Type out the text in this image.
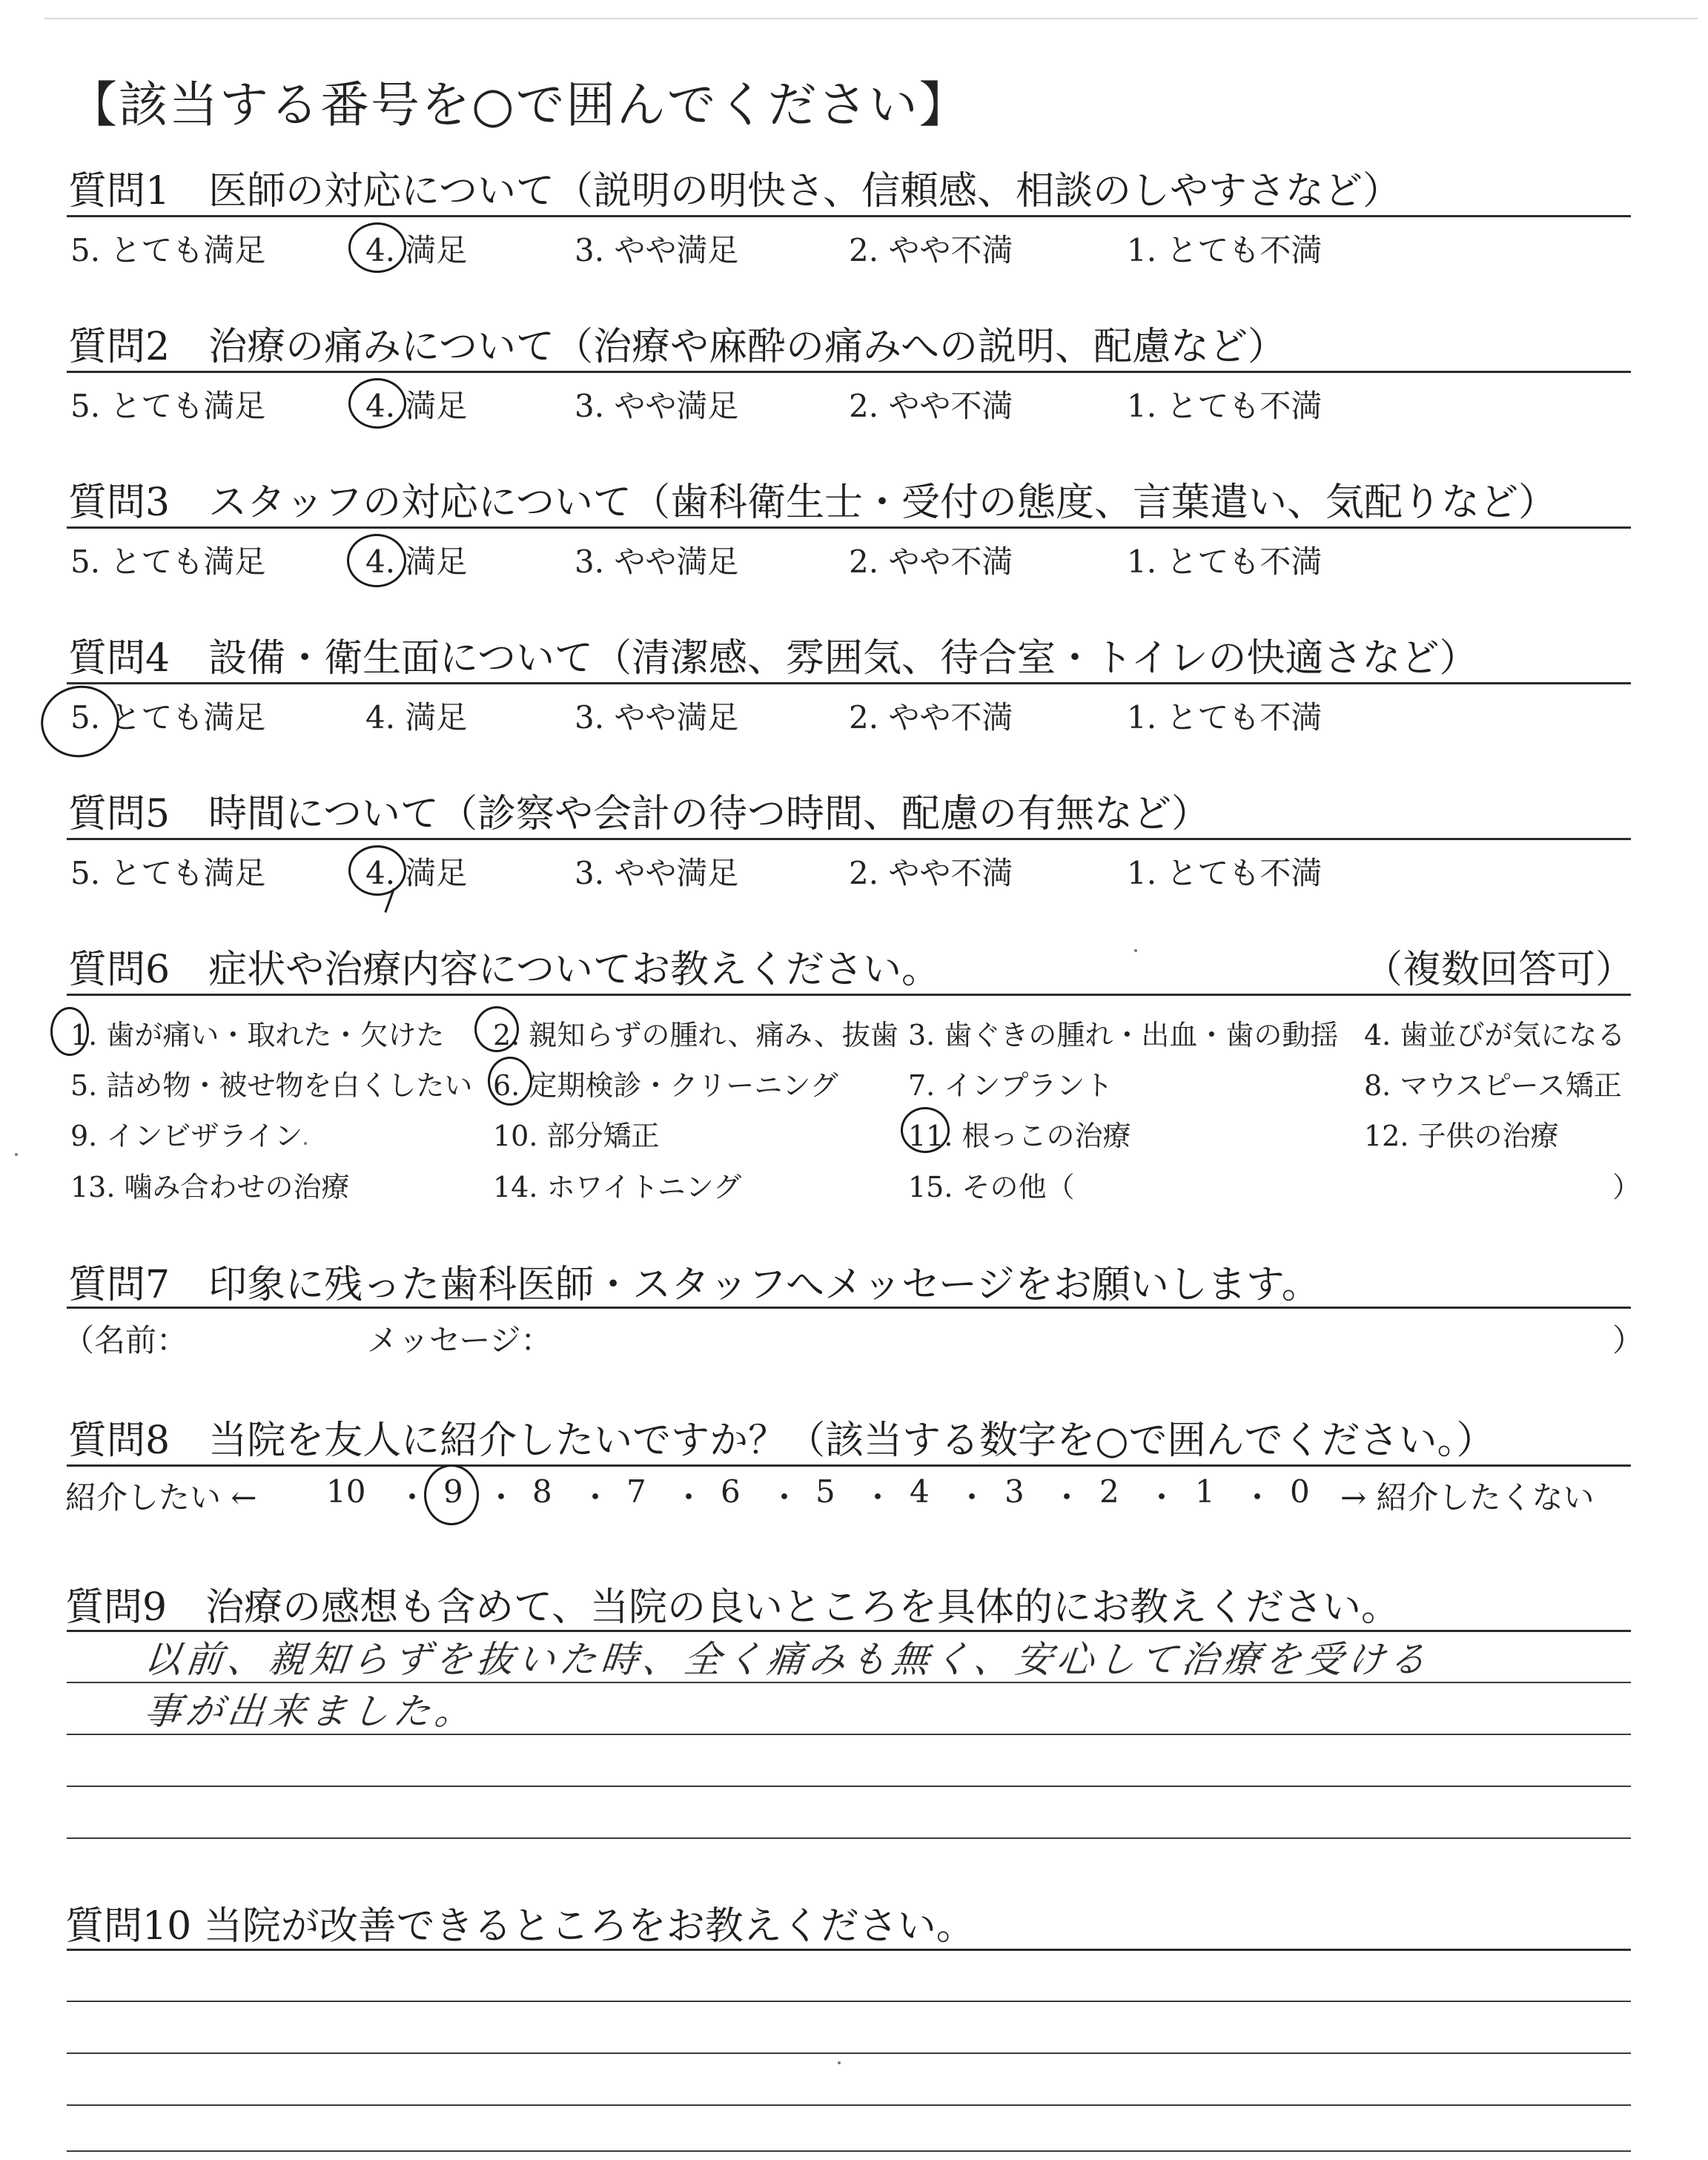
【該当する番号を○で囲んでください】
質問1　医師の対応について（説明の明快さ、信頼感、相談のしやすさなど）
5. とても満足	4. 満足	3. やや満足	2. やや不満	1. とても不満
質問2　治療の痛みについて（治療や麻酔の痛みへの説明、配慮など）
5. とても満足	4. 満足	3. やや満足	2. やや不満	1. とても不満
質問3　スタッフの対応について（歯科衛生士・受付の態度、言葉遣い、気配りなど）
5. とても満足	4. 満足	3. やや満足	2. やや不満	1. とても不満
質問4　設備・衛生面について（清潔感、雰囲気、待合室・トイレの快適さなど）
5. とても満足	4. 満足	3. やや満足	2. やや不満	1. とても不満
質問5　時間について（診察や会計の待つ時間、配慮の有無など）
5. とても満足	4. 満足	3. やや満足	2. やや不満	1. とても不満
質問6　症状や治療内容についてお教えください。	（複数回答可）
1. 歯が痛い・取れた・欠けた 2. 親知らずの腫れ、痛み、抜歯 3. 歯ぐきの腫れ・出血・歯の動揺 4. 歯並びが気になる
5. 詰め物・被せ物を白くしたい 6. 定期検診・クリーニング 7. インプラント	8. マウスピース矯正
9. インビザライン	10. 部分矯正	11. 根っこの治療	12. 子供の治療
13. 噛み合わせの治療	14. ホワイトニング	15. その他（	）
質問7　印象に残った歯科医師・スタッフへメッセージをお願いします。
（名前：	メッセージ：	）
質問8　当院を友人に紹介したいですか？（該当する数字を○で囲んでください。）
紹介したい ← 10 9 8 7 6 5 4 3 2 1 0
・ ・ ・ ・ ・ ・ ・ ・ ・ ・ → 紹介したくない
質問9　治療の感想も含めて、当院の良いところを具体的にお教えください。
以前、親知らずを抜いた時、全く痛みも無く、安心して治療を受ける
事が出来ました。
質問10 当院が改善できるところをお教えください。
